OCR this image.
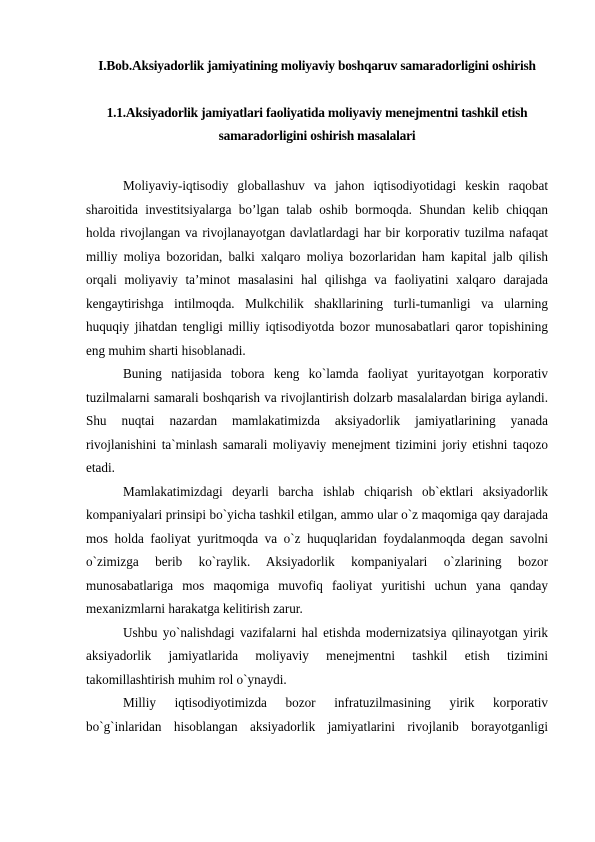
I.Bob.Aksiyadorlik jamiyatining moliyaviy boshqaruv samaradorligini oshirish
1.1.Aksiyadorlik jamiyatlari faoliyatida moliyaviy menejmentni tashkil etish samaradorligini oshirish masalalari

Moliyaviy-iqtisodiy globallashuv va jahon iqtisodiyotidagi keskin raqobat sharoitida investitsiyalarga bo’lgan talab oshib bormoqda. Shundan kelib chiqqan holda rivojlangan va rivojlanayotgan davlatlardagi har bir korporativ tuzilma nafaqat milliy moliya bozoridan, balki xalqaro moliya bozorlaridan ham kapital jalb qilish orqali moliyaviy ta’minot masalasini hal qilishga va faoliyatini xalqaro darajada kengaytirishga intilmoqda. Mulkchilik shakllarining turli-tumanligi va ularning huquqiy jihatdan tengligi milliy iqtisodiyotda bozor munosabatlari qaror topishining eng muhim sharti hisoblanadi.

Buning natijasida tobora keng ko`lamda faoliyat yuritayotgan korporativ tuzilmalarni samarali boshqarish va rivojlantirish dolzarb masalalardan biriga aylandi. Shu nuqtai nazardan mamlakatimizda aksiyadorlik jamiyatlarining yanada rivojlanishini ta`minlash samarali moliyaviy menejment tizimini joriy etishni taqozo etadi.

Mamlakatimizdagi deyarli barcha ishlab chiqarish ob`ektlari aksiyadorlik kompaniyalari prinsipi bo`yicha tashkil etilgan, ammo ular o`z maqomiga qay darajada mos holda faoliyat yuritmoqda va o`z huquqlaridan foydalanmoqda degan savolni o`zimizga berib ko`raylik. Aksiyadorlik kompaniyalari o`zlarining bozor munosabatlariga mos maqomiga muvofiq faoliyat yuritishi uchun yana qanday mexanizmlarni harakatga kelitirish zarur.

Ushbu yo`nalishdagi vazifalarni hal etishda modernizatsiya qilinayotgan yirik aksiyadorlik jamiyatlarida moliyaviy menejmentni tashkil etish tizimini takomillashtirish muhim rol o`ynaydi.

Milliy iqtisodiyotimizda bozor infratuzilmasining yirik korporativ bo`g`inlaridan hisoblangan aksiyadorlik jamiyatlarini rivojlanib borayotganligi
